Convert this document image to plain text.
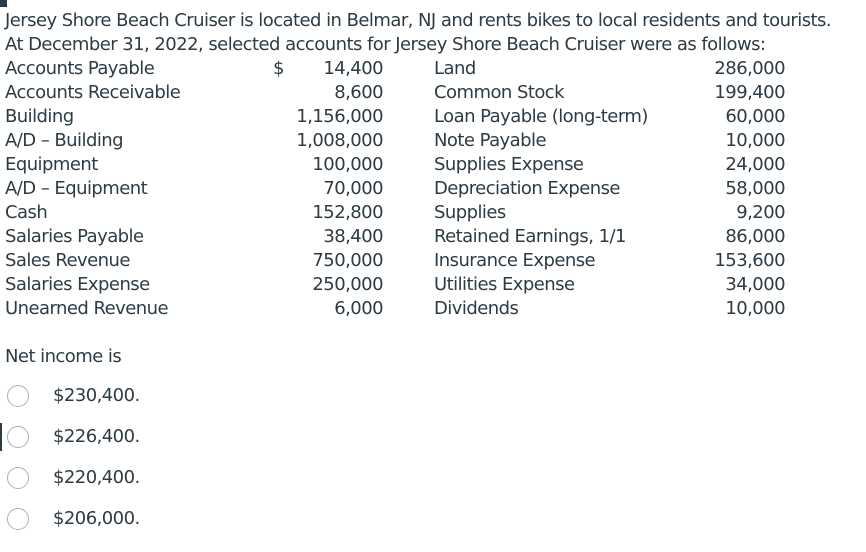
Jersey Shore Beach Cruiser is located in Belmar, NJ and rents bikes to local residents and tourists.
At December 31, 2022, selected accounts for Jersey Shore Beach Cruiser were as follows:
Accounts Payable	$ 14,400	Land	286,000
Accounts Receivable	8,600	Common Stock	199,400
Building	1,156,000	Loan Payable (long-term)	60,000
A/D – Building	1,008,000	Note Payable	10,000
Equipment	100,000	Supplies Expense	24,000
A/D – Equipment	70,000	Depreciation Expense	58,000
Cash	152,800	Supplies	9,200
Salaries Payable	38,400	Retained Earnings, 1/1	86,000
Sales Revenue	750,000	Insurance Expense	153,600
Salaries Expense	250,000	Utilities Expense	34,000
Unearned Revenue	6,000	Dividends	10,000
Net income is
$230,400.
$226,400.
$220,400.
$206,000.
